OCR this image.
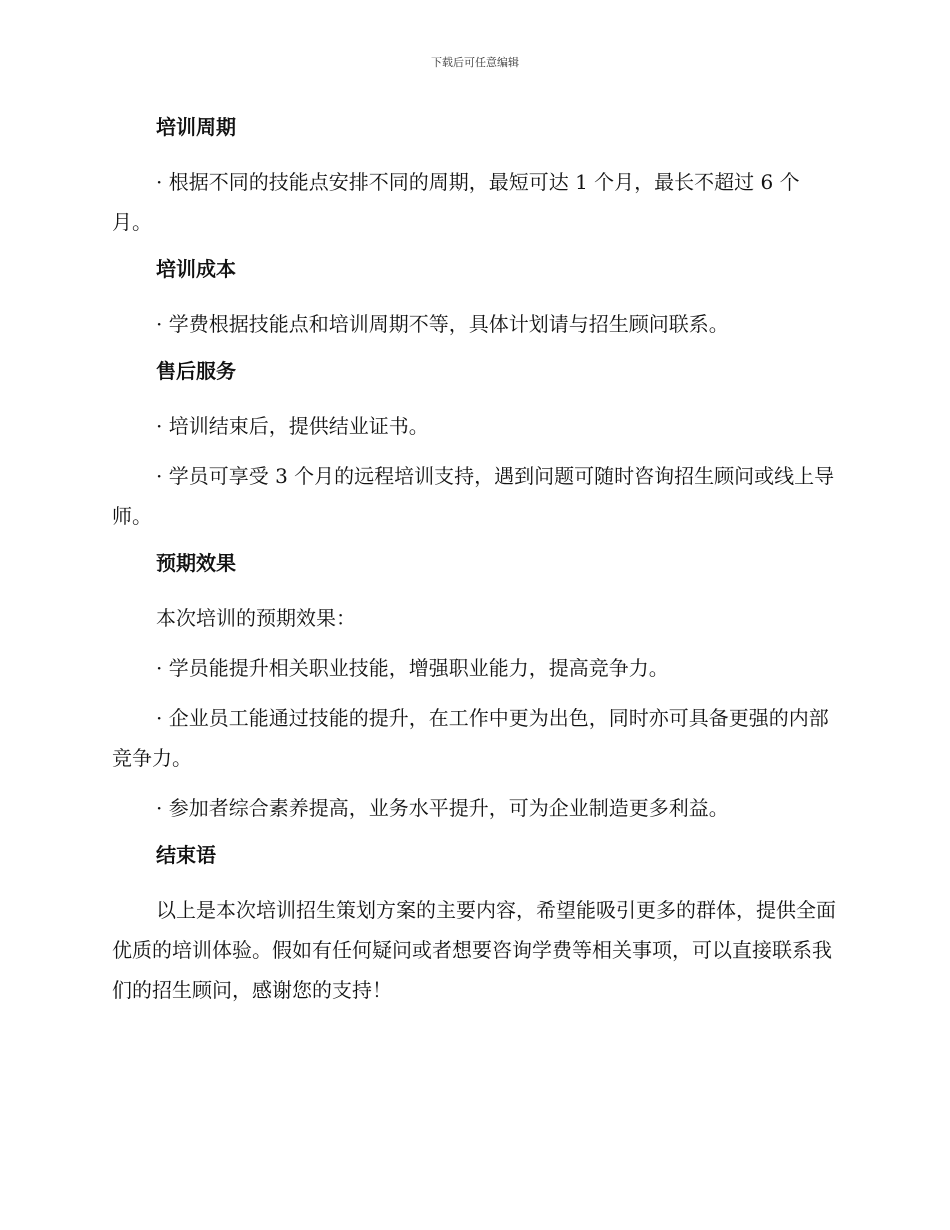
下载后可任意编辑
培训周期

· 根据不同的技能点安排不同的周期，最短可达 1 个月，最长不超过 6 个月。

培训成本

· 学费根据技能点和培训周期不等，具体计划请与招生顾问联系。

售后服务

· 培训结束后，提供结业证书。

· 学员可享受 3 个月的远程培训支持，遇到问题可随时咨询招生顾问或线上导师。

预期效果

本次培训的预期效果：

· 学员能提升相关职业技能，增强职业能力，提高竞争力。

· 企业员工能通过技能的提升，在工作中更为出色，同时亦可具备更强的内部竞争力。

· 参加者综合素养提高，业务水平提升，可为企业制造更多利益。

结束语

以上是本次培训招生策划方案的主要内容，希望能吸引更多的群体，提供全面优质的培训体验。假如有任何疑问或者想要咨询学费等相关事项，可以直接联系我们的招生顾问，感谢您的支持！
